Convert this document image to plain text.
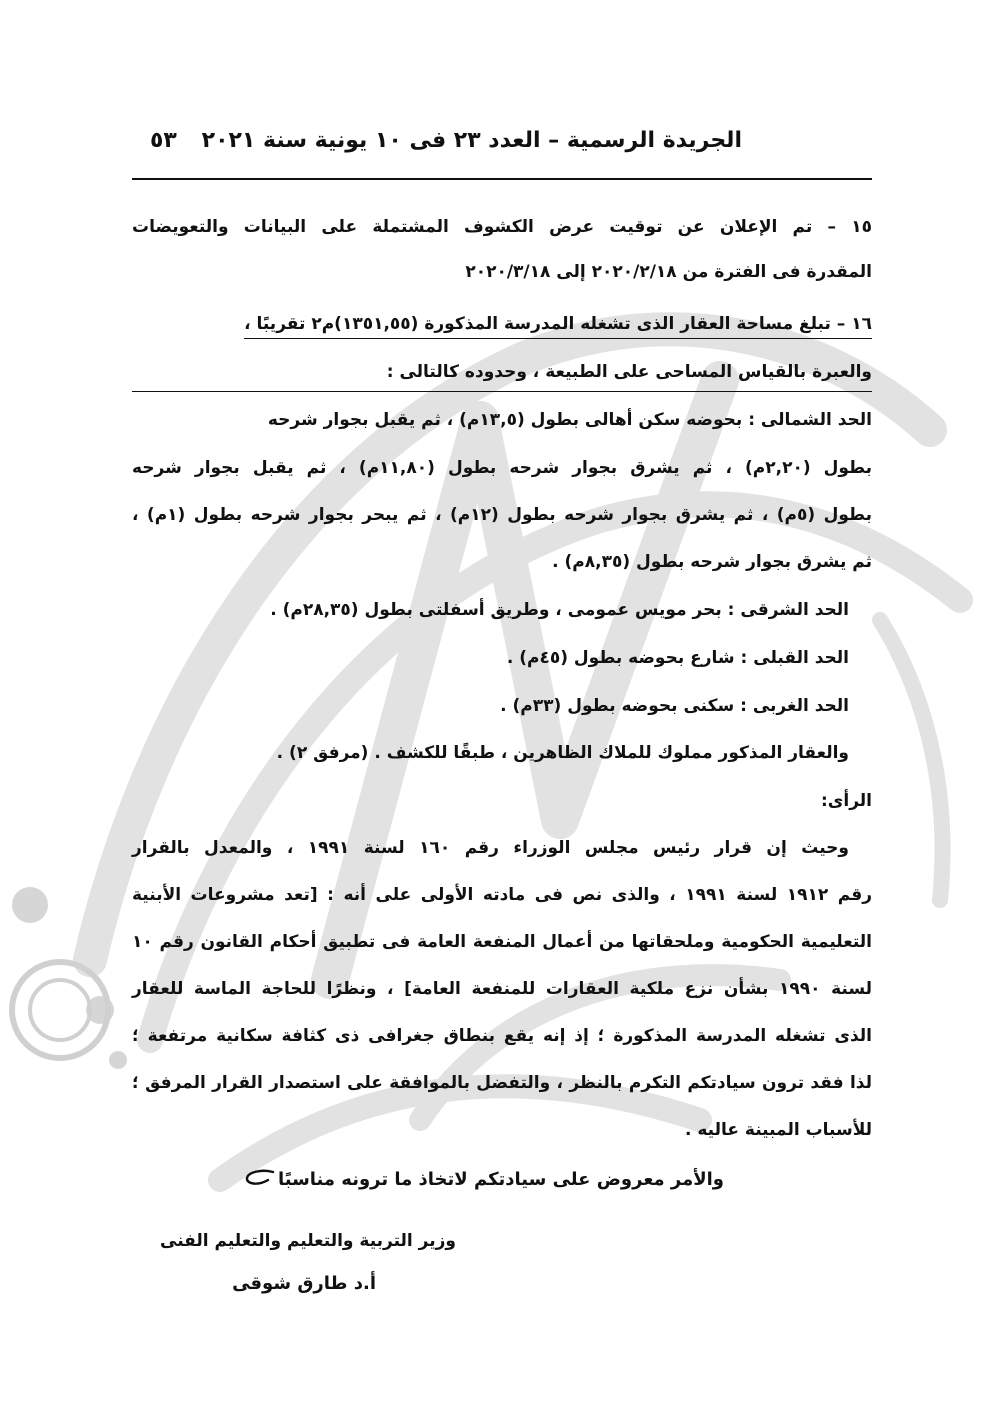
الجريدة الرسمية – العدد ٢٣ فى ١٠ يونية سنة ٢٠٢١
٥٣
١٥ – تم الإعلان عن توقيت عرض الكشوف المشتملة على البيانات والتعويضات
المقدرة فى الفترة من ٢٠٢٠/٢/١٨ إلى ٢٠٢٠/٣/١٨
١٦ – تبلغ مساحة العقار الذى تشغله المدرسة المذكورة (١٣٥١,٥٥)م٢ تقريبًا ،
والعبرة بالقياس المساحى على الطبيعة ، وحدوده كالتالى :
الحد الشمالى : بحوضه سكن أهالى بطول (١٣,٥م) ، ثم يقبل بجوار شرحه
بطول (٢,٢٠م) ، ثم يشرق بجوار شرحه بطول (١١,٨٠م) ، ثم يقبل بجوار شرحه
بطول (٥م) ، ثم يشرق بجوار شرحه بطول (١٢م) ، ثم يبحر بجوار شرحه بطول (١م) ،
ثم يشرق بجوار شرحه بطول (٨,٣٥م) .
الحد الشرقى : بحر مويس عمومى ، وطريق أسفلتى بطول (٢٨,٣٥م) .
الحد القبلى : شارع بحوضه بطول (٤٥م) .
الحد الغربى : سكنى بحوضه بطول (٣٣م) .
والعقار المذكور مملوك للملاك الظاهرين ، طبقًا للكشف . (مرفق ٢) .
الرأى:
وحيث إن قرار رئيس مجلس الوزراء رقم ١٦٠ لسنة ١٩٩١ ، والمعدل بالقرار
رقم ١٩١٢ لسنة ١٩٩١ ، والذى نص فى مادته الأولى على أنه : [تعد مشروعات الأبنية
التعليمية الحكومية وملحقاتها من أعمال المنفعة العامة فى تطبيق أحكام القانون رقم ١٠
لسنة ١٩٩٠ بشأن نزع ملكية العقارات للمنفعة العامة] ، ونظرًا للحاجة الماسة للعقار
الذى تشغله المدرسة المذكورة ؛ إذ إنه يقع بنطاق جغرافى ذى كثافة سكانية مرتفعة ؛
لذا فقد ترون سيادتكم التكرم بالنظر ، والتفضل بالموافقة على استصدار القرار المرفق ؛
للأسباب المبينة عاليه .
والأمر معروض على سيادتكم لاتخاذ ما ترونه مناسبًا
وزير التربية والتعليم والتعليم الفنى
أ.د طارق شوقى
